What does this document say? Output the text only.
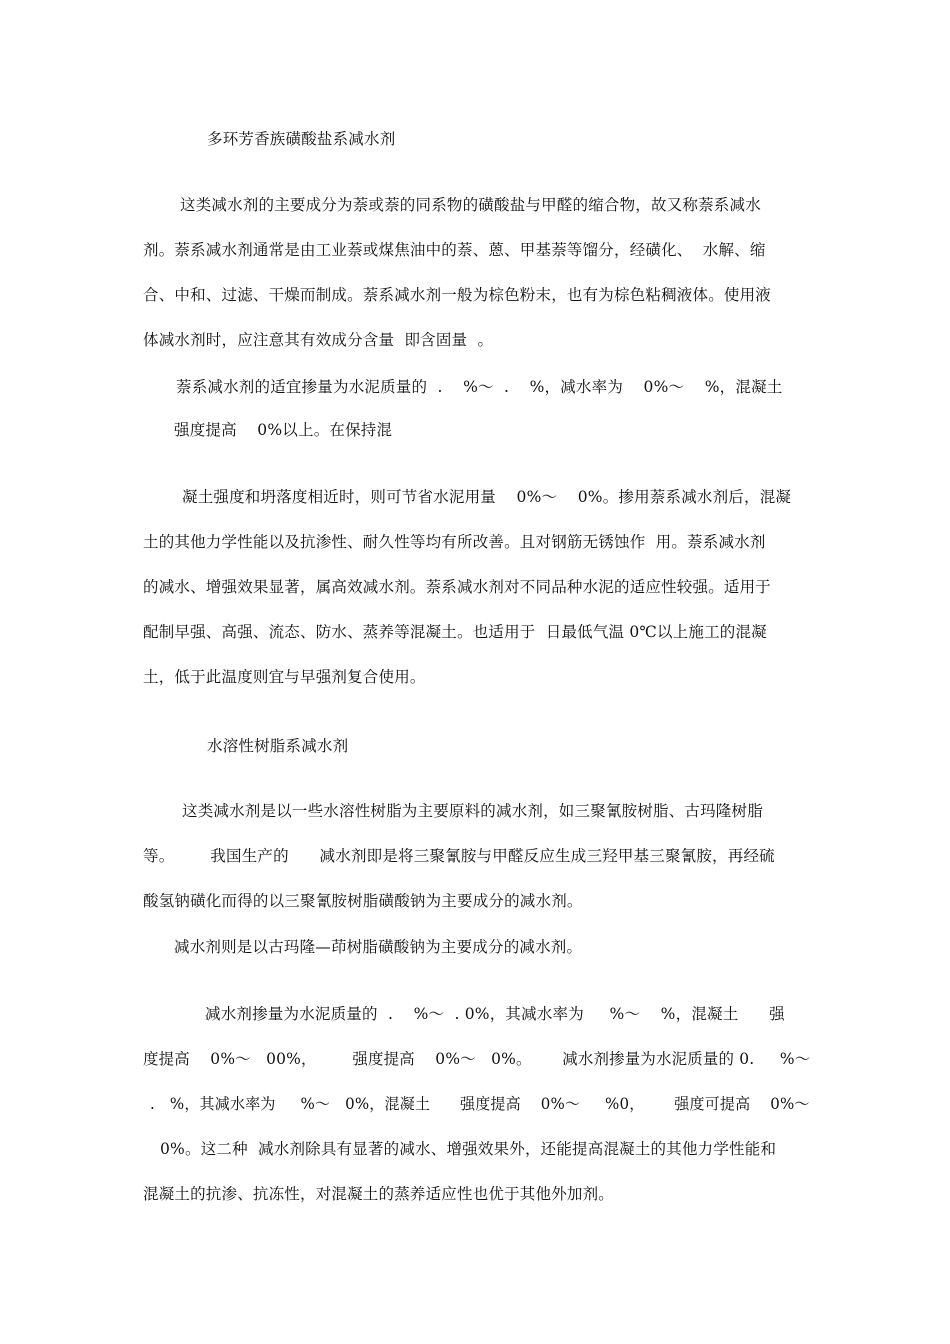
多环芳香族磺酸盐系减水剂
这类减水剂的主要成分为萘或萘的同系物的磺酸盐与甲醛的缩合物，故又称萘系减水
剂。萘系减水剂通常是由工业萘或煤焦油中的萘、蒽、甲基萘等馏分，经磺化、  水解、缩
合、中和、过滤、干燥而制成。萘系减水剂一般为棕色粉末，也有为棕色粘稠液体。使用液
体减水剂时，应注意其有效成分含量  即含固量  。
萘系减水剂的适宜掺量为水泥质量的  .    %～  .    %，减水率为    0%～    %，混凝土
强度提高    0%以上。在保持混
凝土强度和坍落度相近时，则可节省水泥用量    0%～    0%。掺用萘系减水剂后，混凝
土的其他力学性能以及抗渗性、耐久性等均有所改善。且对钢筋无锈蚀作  用。萘系减水剂
的减水、增强效果显著，属高效减水剂。萘系减水剂对不同品种水泥的适应性较强。适用于
配制早强、高强、流态、防水、蒸养等混凝土。也适用于  日最低气温 0℃以上施工的混凝
土，低于此温度则宜与早强剂复合使用。
水溶性树脂系减水剂
这类减水剂是以一些水溶性树脂为主要原料的减水剂，如三聚氰胺树脂、古玛隆树脂
等。       我国生产的      减水剂即是将三聚氰胺与甲醛反应生成三羟甲基三聚氰胺，再经硫
酸氢钠磺化而得的以三聚氰胺树脂磺酸钠为主要成分的减水剂。
减水剂则是以古玛隆—茚树脂磺酸钠为主要成分的减水剂。
减水剂掺量为水泥质量的  .    %～  . 0%，其减水率为     %～    %，混凝土      强
度提高    0%～   00%，       强度提高    0%～   0%。      减水剂掺量为水泥质量的 0.     %～
.   %，其减水率为     %～   0%，混凝土      强度提高    0%～     %0，      强度可提高    0%～
0%。这二种  减水剂除具有显著的减水、增强效果外，还能提高混凝土的其他力学性能和
混凝土的抗渗、抗冻性，对混凝土的蒸养适应性也优于其他外加剂。
